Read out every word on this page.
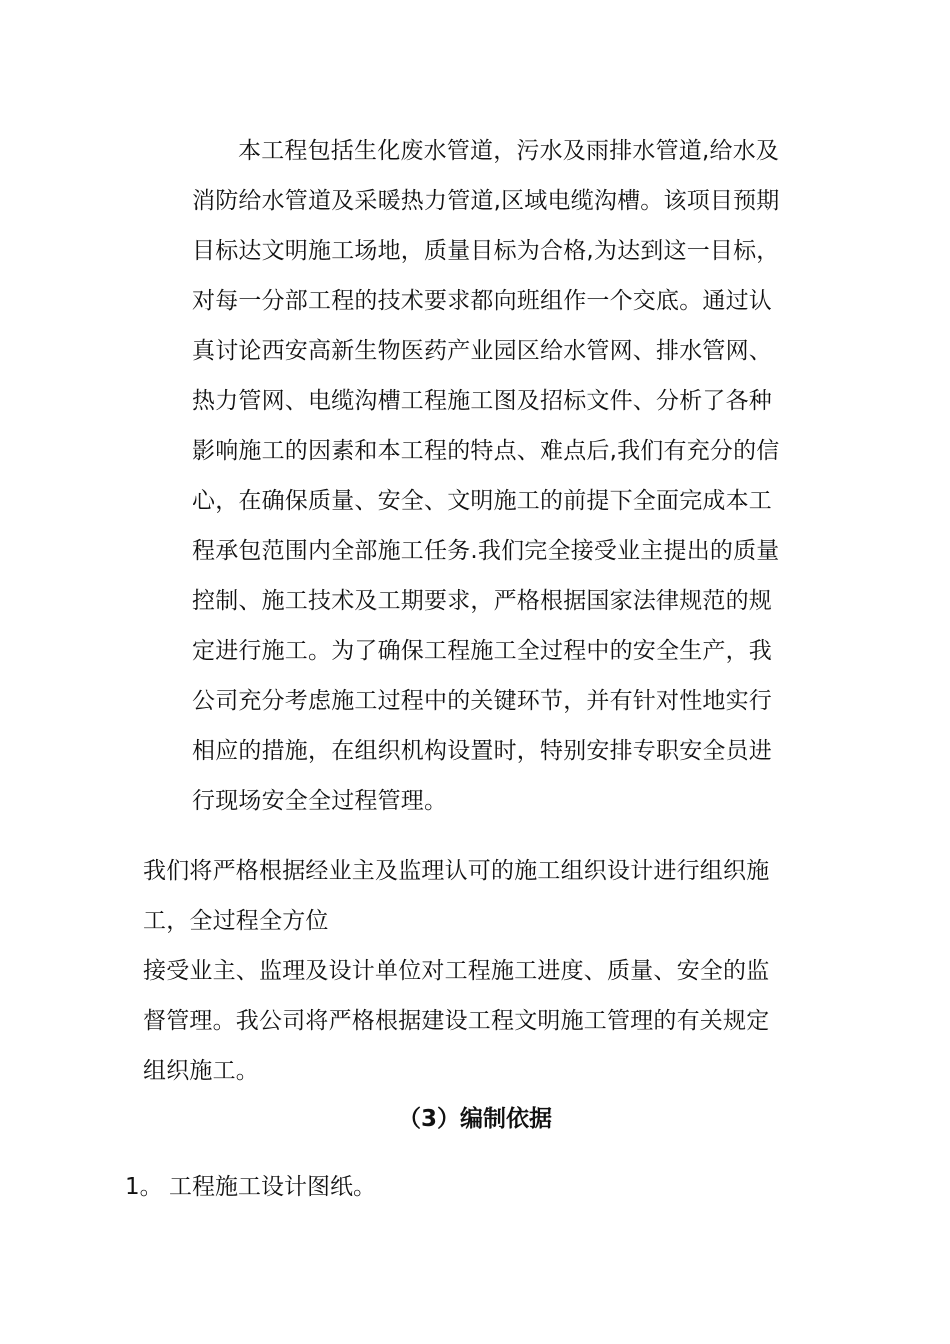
本工程包括生化废水管道，污水及雨排水管道,给水及
消防给水管道及采暖热力管道,区域电缆沟槽。该项目预期
目标达文明施工场地，质量目标为合格,为达到这一目标，
对每一分部工程的技术要求都向班组作一个交底。通过认
真讨论西安高新生物医药产业园区给水管网、排水管网、
热力管网、电缆沟槽工程施工图及招标文件、分析了各种
影响施工的因素和本工程的特点、难点后,我们有充分的信
心，在确保质量、安全、文明施工的前提下全面完成本工
程承包范围内全部施工任务.我们完全接受业主提出的质量
控制、施工技术及工期要求，严格根据国家法律规范的规
定进行施工。为了确保工程施工全过程中的安全生产，我
公司充分考虑施工过程中的关键环节，并有针对性地实行
相应的措施，在组织机构设置时，特别安排专职安全员进
行现场安全全过程管理。
我们将严格根据经业主及监理认可的施工组织设计进行组织施
工，全过程全方位
接受业主、监理及设计单位对工程施工进度、质量、安全的监
督管理。我公司将严格根据建设工程文明施工管理的有关规定
组织施工。
（3）编制依据
1。 工程施工设计图纸。
